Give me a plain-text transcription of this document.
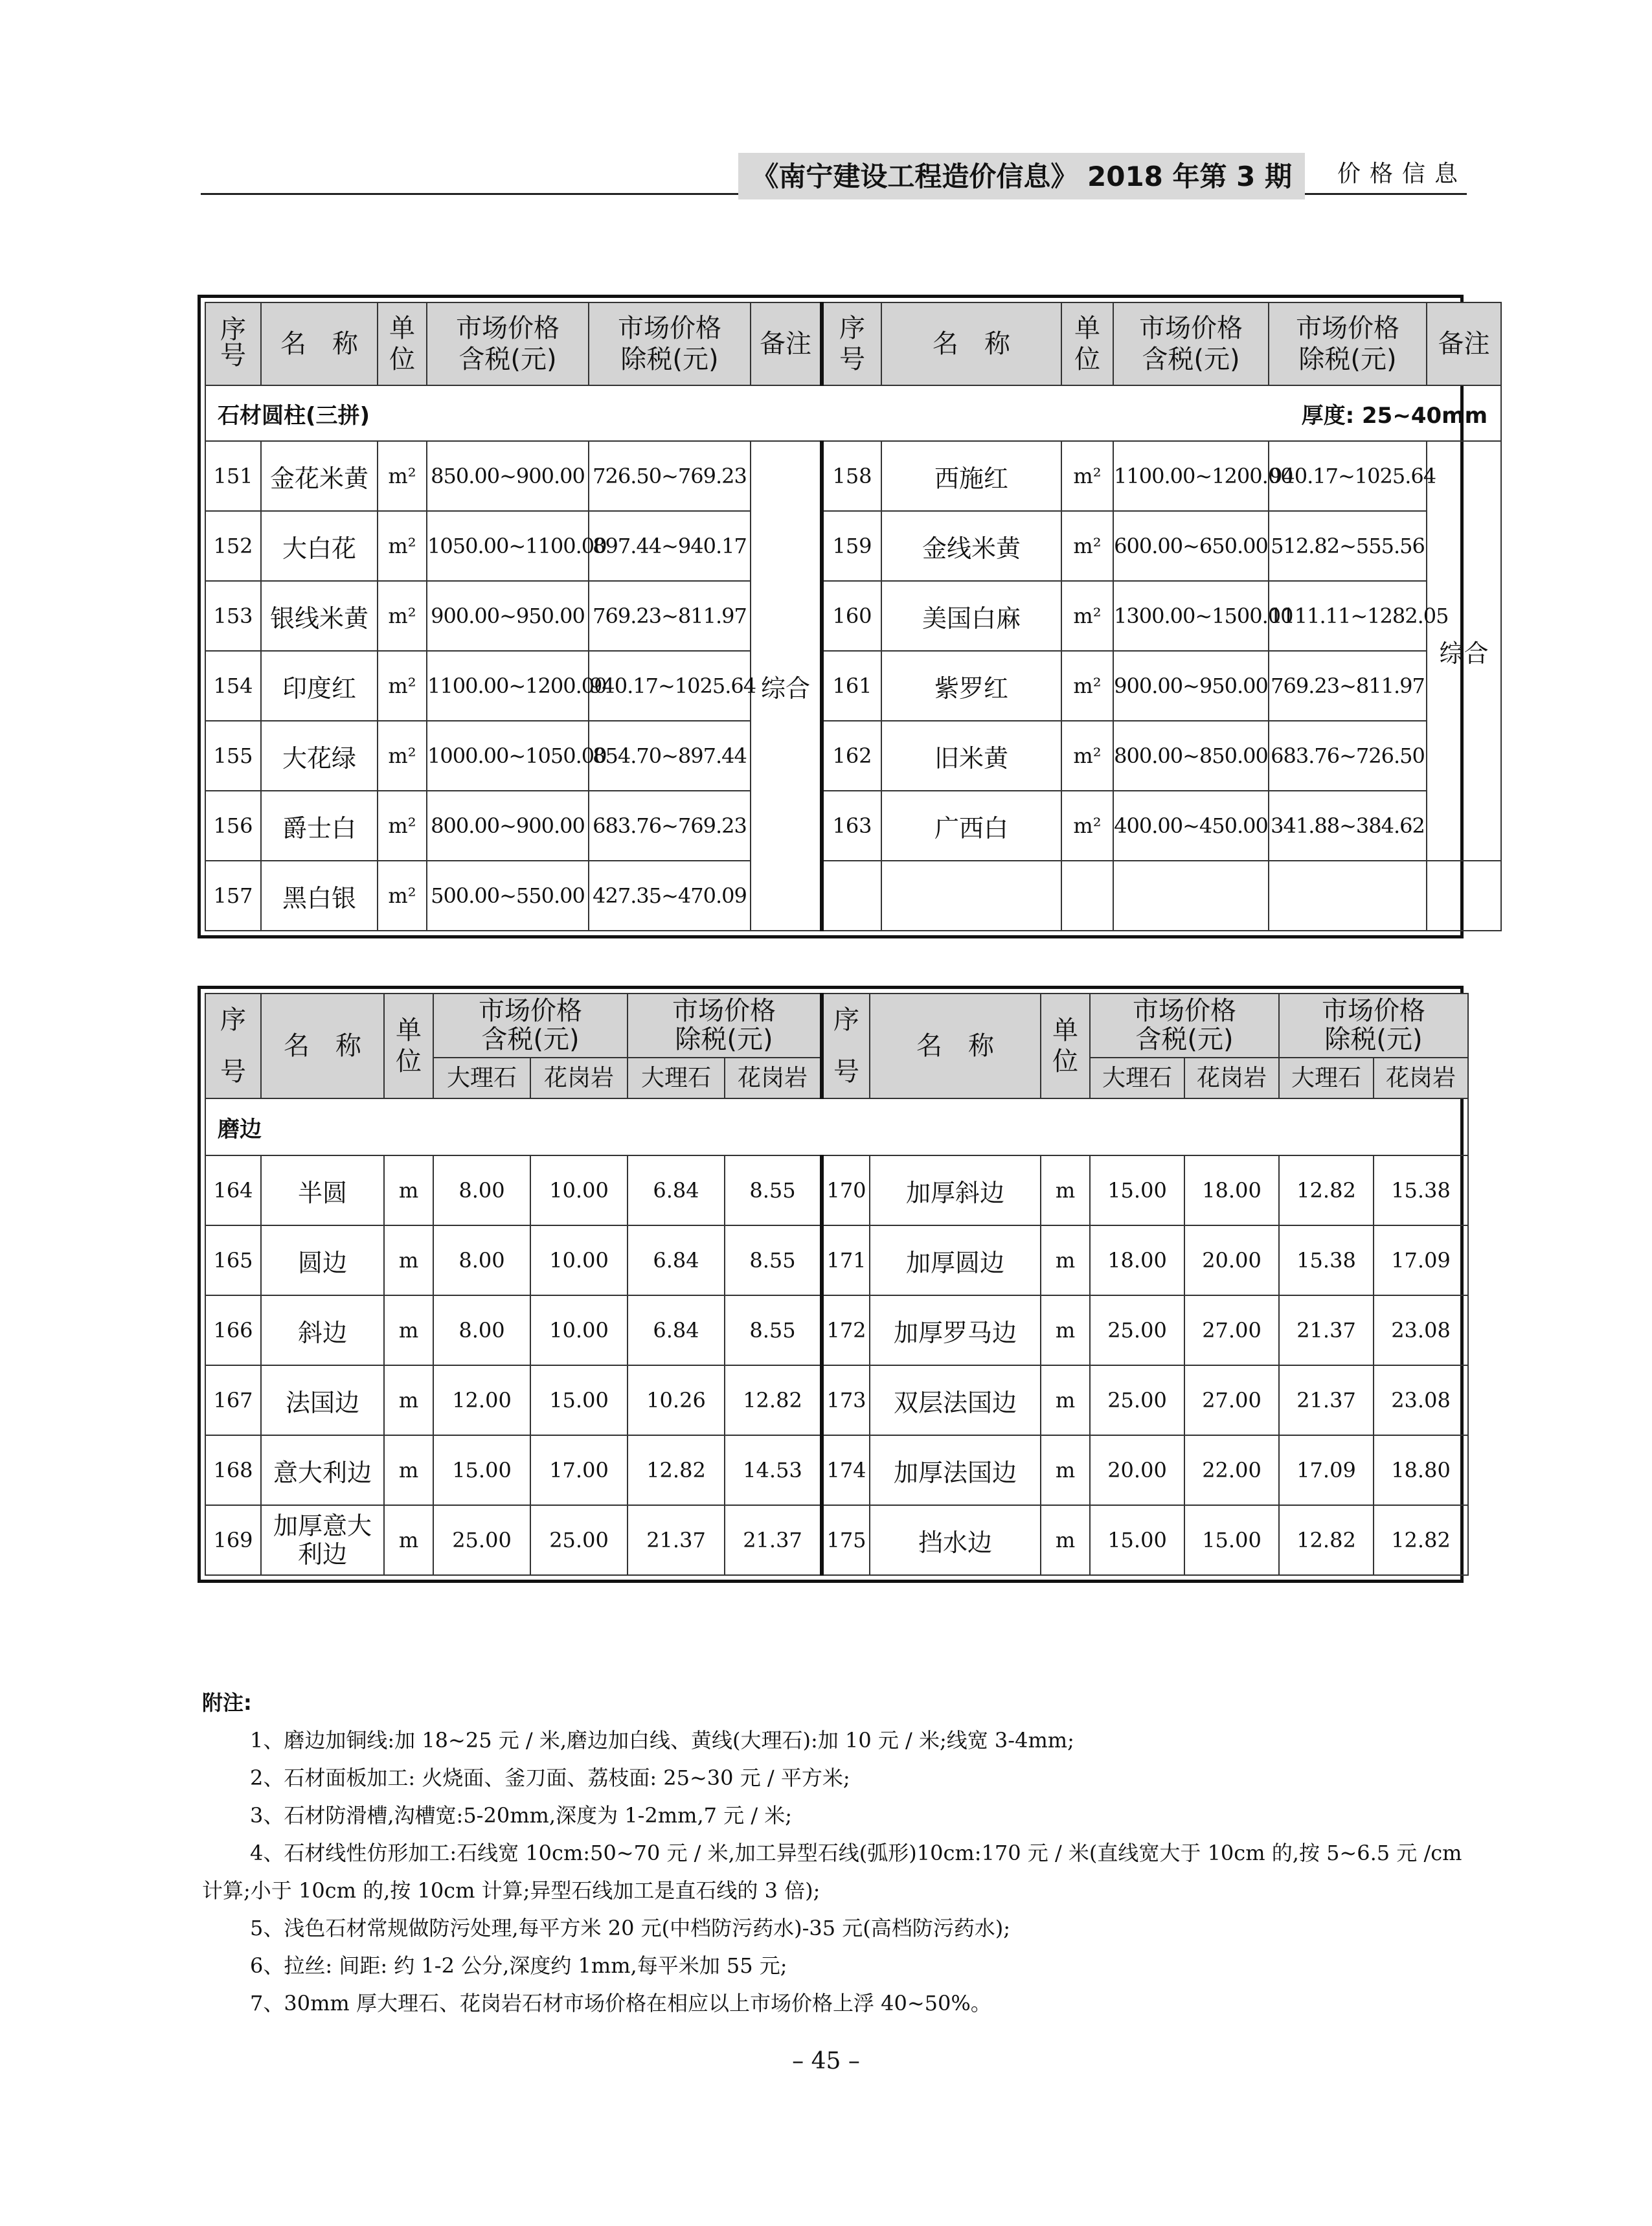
《南宁建设工程造价信息》 2018 年第 3 期	价格信息
序号	名　称	单位	市场价格含税(元)	市场价格除税(元)	备注	序号	名　称	单位	市场价格含税(元)	市场价格除税(元)	备注
石材圆柱(三拼) 厚度: 25~40mm											

151	金花米黄	m²	850.00~900.00	726.50~769.23	综合	158	西施红	m²	1100.00~1200.00	940.17~1025.64	综合
152	大白花	m²	1050.00~1100.00	897.44~940.17		159	金线米黄	m²	600.00~650.00	512.82~555.56	
153	银线米黄	m²	900.00~950.00	769.23~811.97		160	美国白麻	m²	1300.00~1500.00	1111.11~1282.05	
154	印度红	m²	1100.00~1200.00	940.17~1025.64		161	紫罗红	m²	900.00~950.00	769.23~811.97	
155	大花绿	m²	1000.00~1050.00	854.70~897.44		162	旧米黄	m²	800.00~850.00	683.76~726.50	
156	爵士白	m²	800.00~900.00	683.76~769.23		163	广西白	m²	400.00~450.00	341.88~384.62	
157	黑白银	m²	500.00~550.00	427.35~470.09							
序号	名　称	单位	市场价格含税(元)		市场价格除税(元)		序号	名　称	单位	市场价格含税(元)		市场价格除税(元)	
			大理石	花岗岩	大理石	花岗岩				大理石	花岗岩	大理石	花岗岩
磨边													
164	半圆	m	8.00	10.00	6.84	8.55	170	加厚斜边	m	15.00	18.00	12.82	15.38
165	圆边	m	8.00	10.00	6.84	8.55	171	加厚圆边	m	18.00	20.00	15.38	17.09
166	斜边	m	8.00	10.00	6.84	8.55	172	加厚罗马边	m	25.00	27.00	21.37	23.08
167	法国边	m	12.00	15.00	10.26	12.82	173	双层法国边	m	25.00	27.00	21.37	23.08
168	意大利边	m	15.00	17.00	12.82	14.53	174	加厚法国边	m	20.00	22.00	17.09	18.80
169	加厚意大利边	m	25.00	25.00	21.37	21.37	175	挡水边	m	15.00	15.00	12.82	12.82
附注:

1、磨边加铜线:加 18~25 元 / 米,磨边加白线、黄线(大理石):加 10 元 / 米;线宽 3-4mm;

2、石材面板加工: 火烧面、釜刀面、荔枝面: 25~30 元 / 平方米;

3、石材防滑槽,沟槽宽:5-20mm,深度为 1-2mm,7 元 / 米;

4、石材线性仿形加工:石线宽 10cm:50~70 元 / 米,加工异型石线(弧形)10cm:170 元 / 米(直线宽大于 10cm 的,按 5~6.5 元 /cm 计算;小于 10cm 的,按 10cm 计算;异型石线加工是直石线的 3 倍);

5、浅色石材常规做防污处理,每平方米 20 元(中档防污药水)-35 元(高档防污药水);

6、拉丝: 间距: 约 1-2 公分,深度约 1mm,每平米加 55 元;

7、30mm 厚大理石、花岗岩石材市场价格在相应以上市场价格上浮 40~50%。

– 45 –
